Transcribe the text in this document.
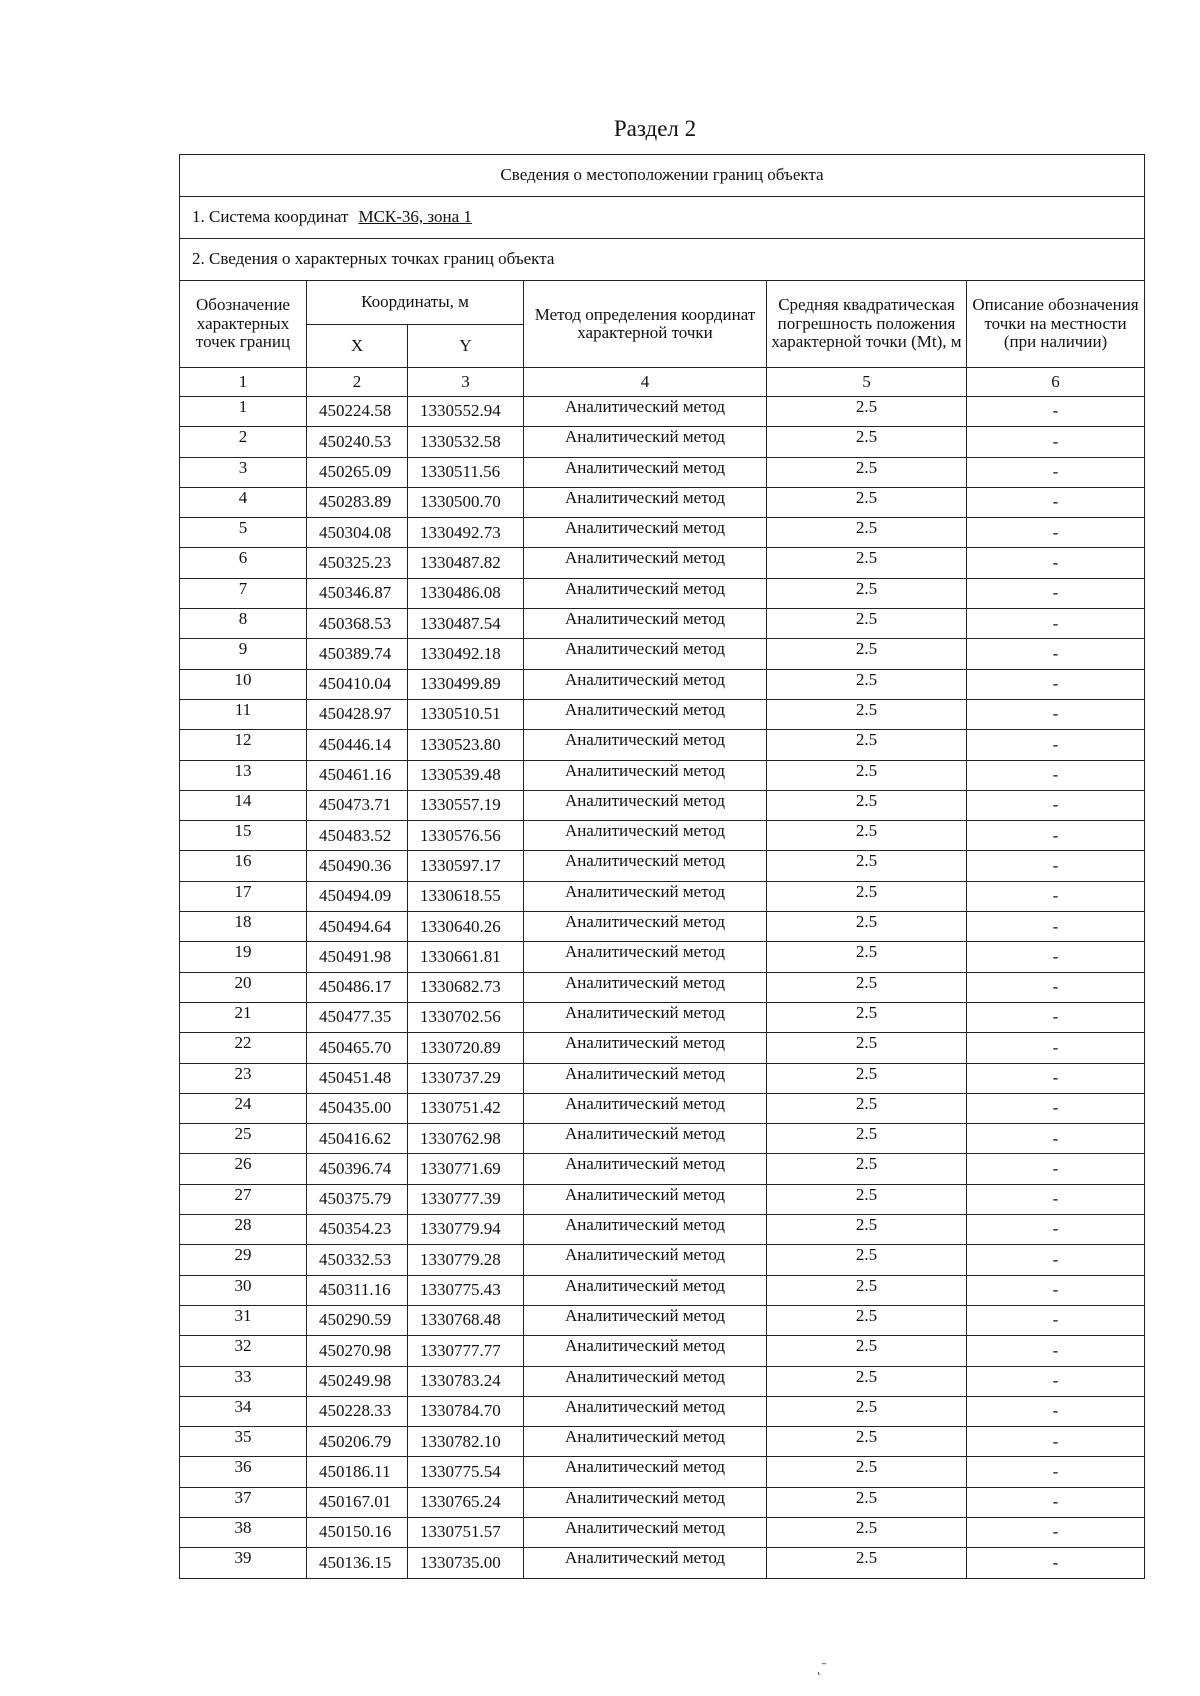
Раздел 2
Сведения о местоположении границ объекта					
1. Система координат МСК-36, зона 1					
2. Сведения о характерных точках границ объекта					
Обозначение характерных точек границ	Координаты, м		Метод определения координат характерной точки	Средняя квадратическая погрешность положения характерной точки (Mt), м	Описание обозначения точки на местности (при наличии)
	X	Y			
1	2	3	4	5	6
1	450224.58	1330552.94	Аналитический метод	2.5	-
2	450240.53	1330532.58	Аналитический метод	2.5	-
3	450265.09	1330511.56	Аналитический метод	2.5	-
4	450283.89	1330500.70	Аналитический метод	2.5	-
5	450304.08	1330492.73	Аналитический метод	2.5	-
6	450325.23	1330487.82	Аналитический метод	2.5	-
7	450346.87	1330486.08	Аналитический метод	2.5	-
8	450368.53	1330487.54	Аналитический метод	2.5	-
9	450389.74	1330492.18	Аналитический метод	2.5	-
10	450410.04	1330499.89	Аналитический метод	2.5	-
11	450428.97	1330510.51	Аналитический метод	2.5	-
12	450446.14	1330523.80	Аналитический метод	2.5	-
13	450461.16	1330539.48	Аналитический метод	2.5	-
14	450473.71	1330557.19	Аналитический метод	2.5	-
15	450483.52	1330576.56	Аналитический метод	2.5	-
16	450490.36	1330597.17	Аналитический метод	2.5	-
17	450494.09	1330618.55	Аналитический метод	2.5	-
18	450494.64	1330640.26	Аналитический метод	2.5	-
19	450491.98	1330661.81	Аналитический метод	2.5	-
20	450486.17	1330682.73	Аналитический метод	2.5	-
21	450477.35	1330702.56	Аналитический метод	2.5	-
22	450465.70	1330720.89	Аналитический метод	2.5	-
23	450451.48	1330737.29	Аналитический метод	2.5	-
24	450435.00	1330751.42	Аналитический метод	2.5	-
25	450416.62	1330762.98	Аналитический метод	2.5	-
26	450396.74	1330771.69	Аналитический метод	2.5	-
27	450375.79	1330777.39	Аналитический метод	2.5	-
28	450354.23	1330779.94	Аналитический метод	2.5	-
29	450332.53	1330779.28	Аналитический метод	2.5	-
30	450311.16	1330775.43	Аналитический метод	2.5	-
31	450290.59	1330768.48	Аналитический метод	2.5	-
32	450270.98	1330777.77	Аналитический метод	2.5	-
33	450249.98	1330783.24	Аналитический метод	2.5	-
34	450228.33	1330784.70	Аналитический метод	2.5	-
35	450206.79	1330782.10	Аналитический метод	2.5	-
36	450186.11	1330775.54	Аналитический метод	2.5	-
37	450167.01	1330765.24	Аналитический метод	2.5	-
38	450150.16	1330751.57	Аналитический метод	2.5	-
39	450136.15	1330735.00	Аналитический метод	2.5	-
˛ˉ
